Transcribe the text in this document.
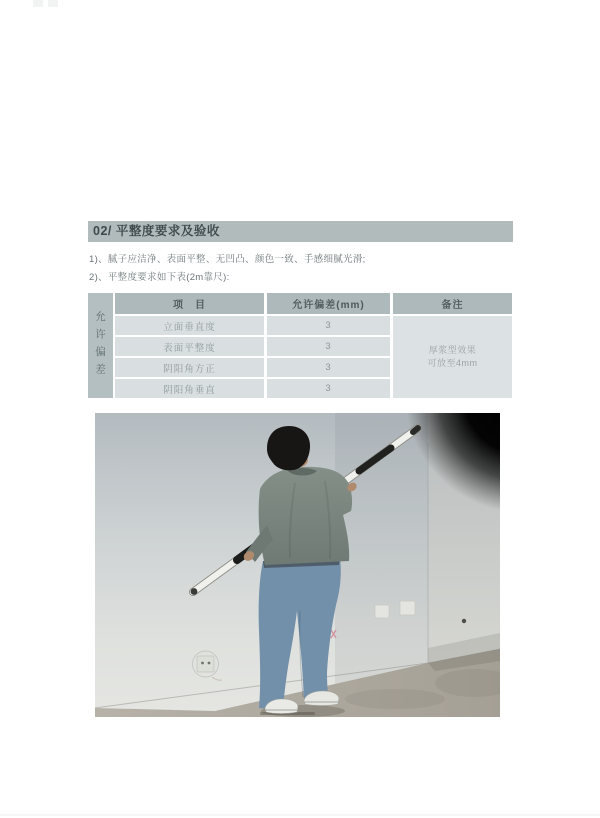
02/ 平整度要求及验收
1)、腻子应洁净、表面平整、无凹凸、颜色一致、手感细腻光滑;
2)、平整度要求如下表(2m靠尺):
允许偏差
项　目	允许偏差(mm)	备注
立面垂直度	3
表面平整度	3
阴阳角方正	3
阴阳角垂直	3
厚浆型效果
可放至4mm
